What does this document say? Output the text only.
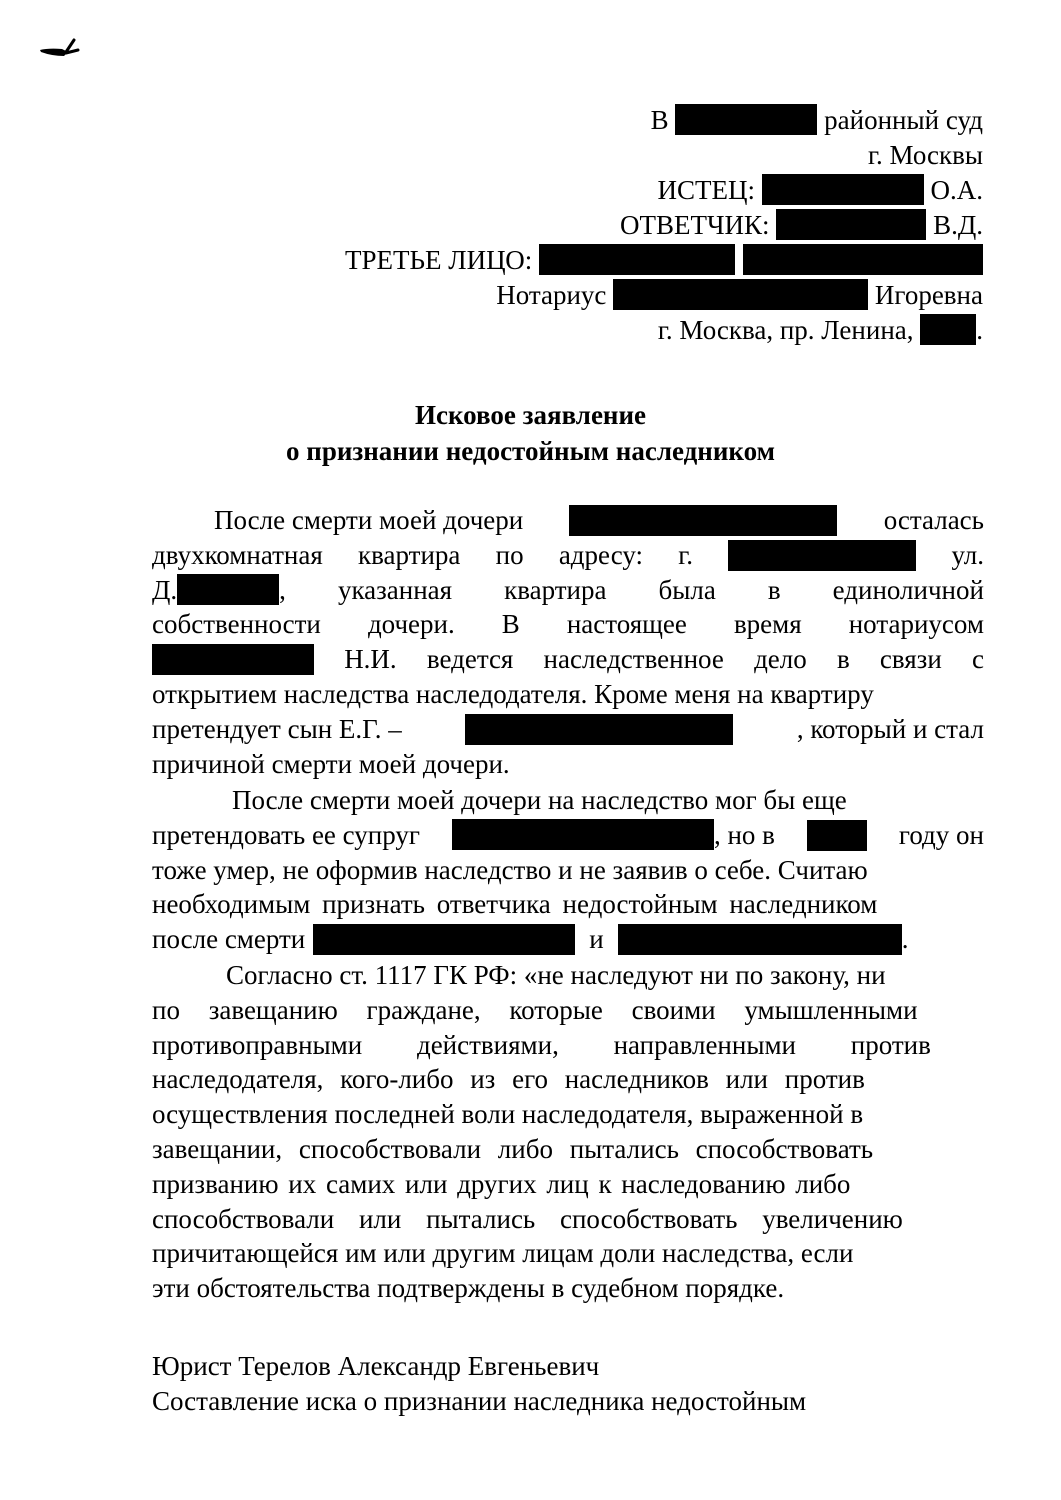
В	районный суд
г. Москвы
ИСТЕЦ:	О.А.
ОТВЕТЧИК:	В.Д.
ТРЕТЬЕ ЛИЦО:
Нотариус	Игоревна
г. Москва, пр. Ленина, .
Исковое заявление
о признании недостойным наследником
После смерти моей дочери	осталась
двухкомнатная квартира по адресу: г.	ул.
Д.	, указанная квартира была в единоличной
собственности дочери. В настоящее время нотариусом
Н.И. ведется наследственное дело в связи с
открытием наследства наследодателя. Кроме меня на квартиру
претендует сын Е.Г. –	, который и стал
причиной смерти моей дочери.
После смерти моей дочери на наследство мог бы еще
претендовать ее супруг	, но в	году он
тоже умер, не оформив наследство и не заявив о себе. Считаю
необходимым признать ответчика недостойным наследником
после смерти	и	.
Согласно ст. 1117 ГК РФ: «не наследуют ни по закону, ни
по завещанию граждане, которые своими умышленными
противоправными действиями, направленными против
наследодателя, кого-либо из его наследников или против
осуществления последней воли наследодателя, выраженной в
завещании, способствовали либо пытались способствовать
призванию их самих или других лиц к наследованию либо
способствовали или пытались способствовать увеличению
причитающейся им или другим лицам доли наследства, если
эти обстоятельства подтверждены в судебном порядке.
Юрист Терелов Александр Евгеньевич
Составление иска о признании наследника недостойным
